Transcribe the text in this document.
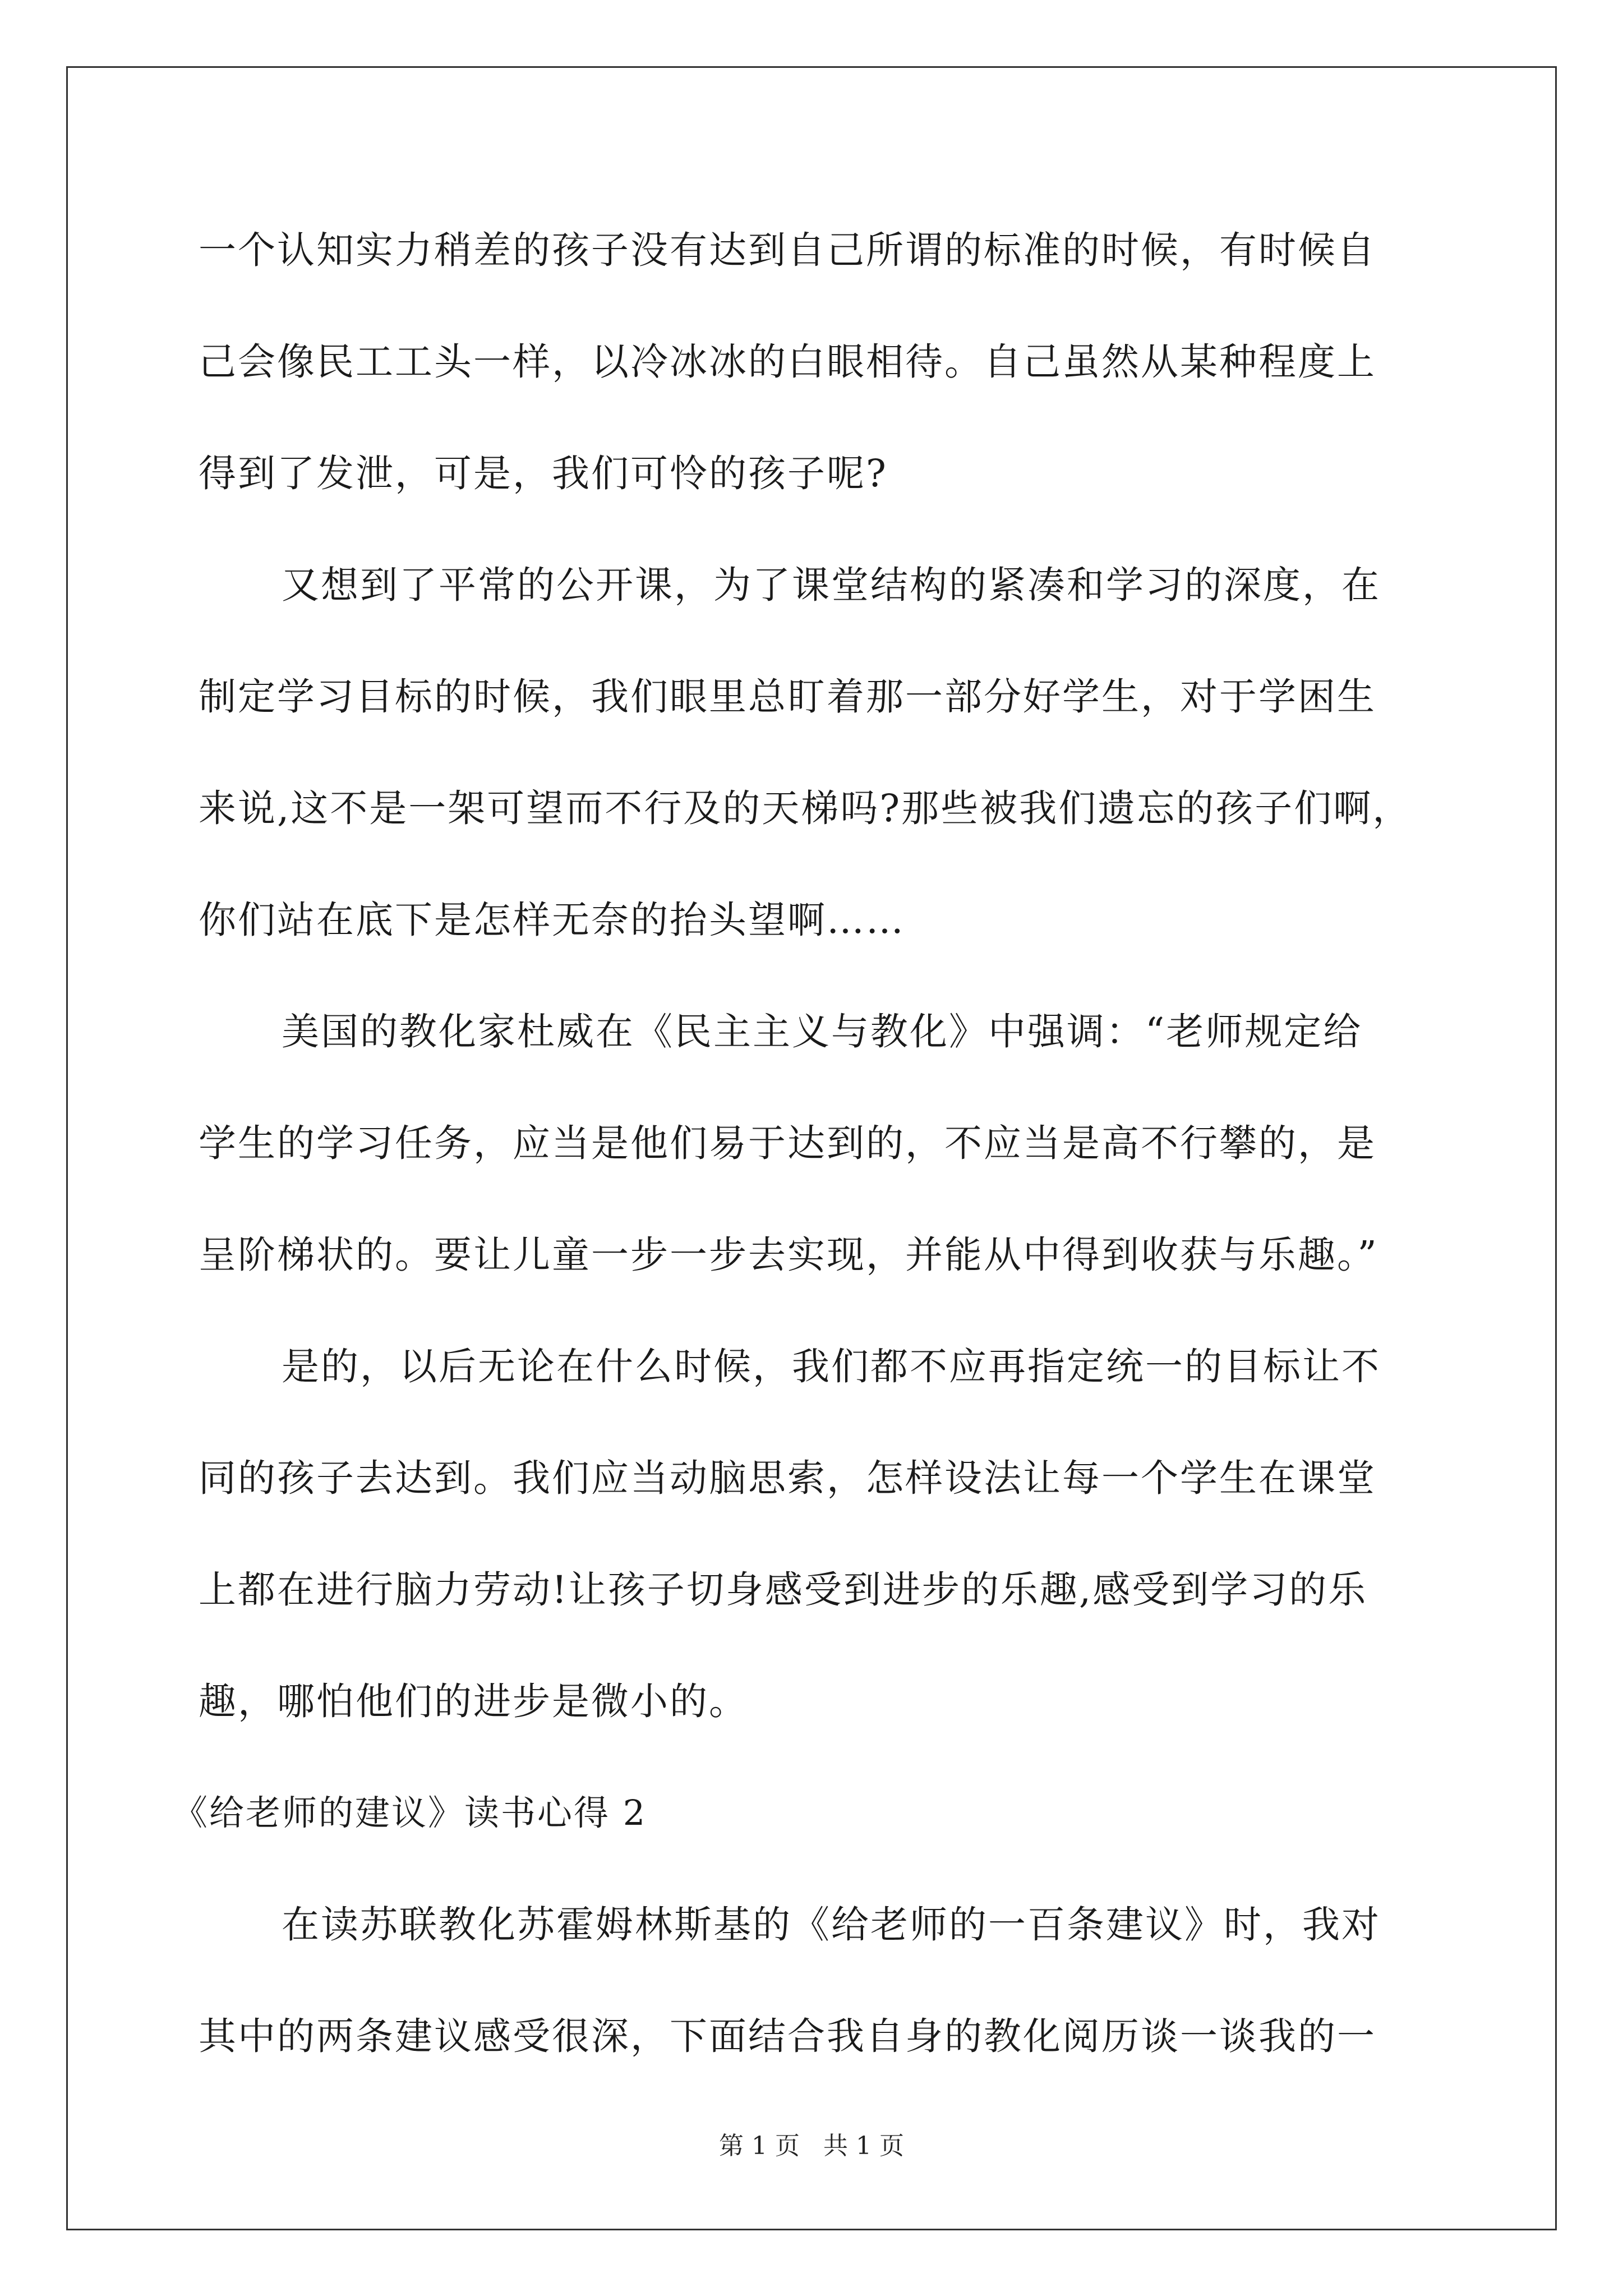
一个认知实力稍差的孩子没有达到自己所谓的标准的时候，有时候自
己会像民工工头一样，以冷冰冰的白眼相待。自己虽然从某种程度上
得到了发泄，可是，我们可怜的孩子呢?
又想到了平常的公开课，为了课堂结构的紧凑和学习的深度，在
制定学习目标的时候，我们眼里总盯着那一部分好学生，对于学困生
来说,这不是一架可望而不行及的天梯吗?那些被我们遗忘的孩子们啊，
你们站在底下是怎样无奈的抬头望啊……
美国的教化家杜威在《民主主义与教化》中强调：“老师规定给
学生的学习任务，应当是他们易于达到的，不应当是高不行攀的，是
呈阶梯状的。要让儿童一步一步去实现，并能从中得到收获与乐趣。”
是的，以后无论在什么时候，我们都不应再指定统一的目标让不
同的孩子去达到。我们应当动脑思索，怎样设法让每一个学生在课堂
上都在进行脑力劳动!让孩子切身感受到进步的乐趣,感受到学习的乐
趣，哪怕他们的进步是微小的。
《给老师的建议》读书心得 2
在读苏联教化苏霍姆林斯基的《给老师的一百条建议》时，我对
其中的两条建议感受很深，下面结合我自身的教化阅历谈一谈我的一
第 1 页   共 1 页
